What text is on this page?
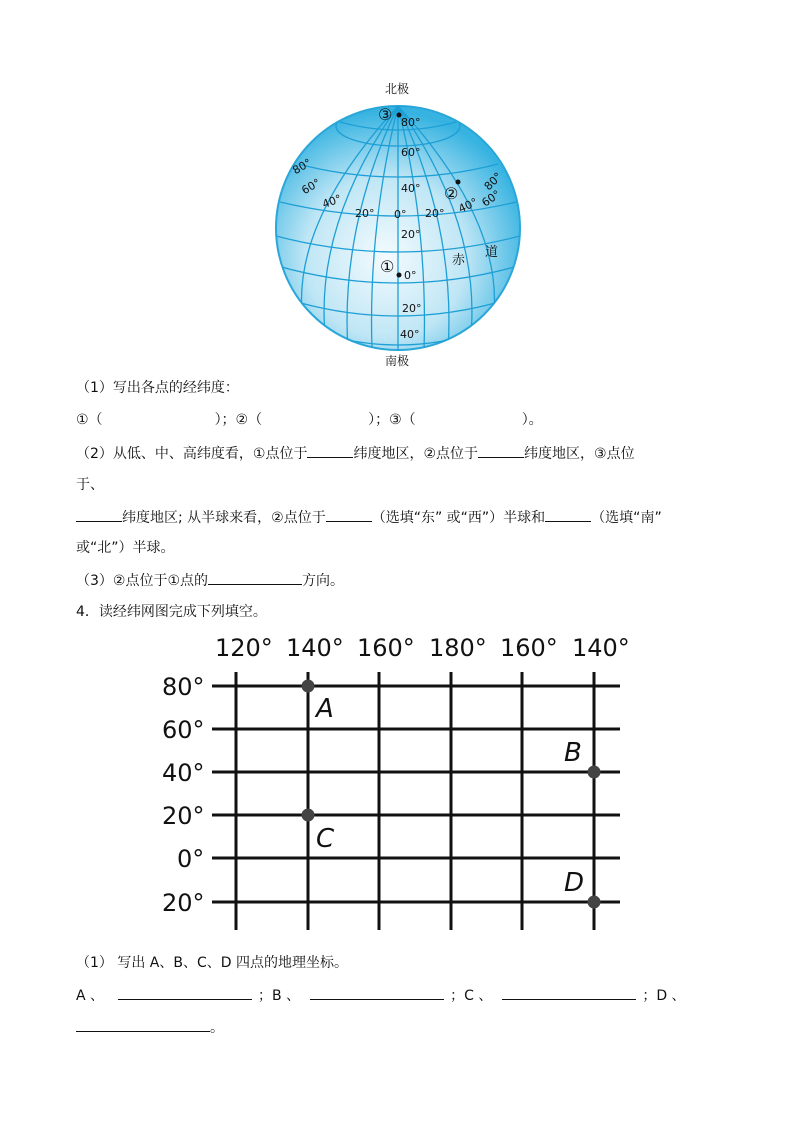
北极
南极
③
②
①	赤
道
80°
60°
40°
20°
0°
20°
40°
80°
60°
40°
20° 0° 20° 40° 60°
80°
（1）写出各点的经纬度：
①（	）；②（	）；③（	）。
（2）从低、中、高纬度看，①点位于	纬度地区，②点位于	纬度地区，③点位
于、
纬度地区; 从半球来看，②点位于	（选填“东” 或“西”）半球和	（选填“南”
或“北”）半球。
（3）②点位于①点的	方向。
4．读经纬网图完成下列填空。
120° 140° 160° 180° 160° 140°
80°
60°
40°
20°
0°
20°
A
B
C
D
（1） 写出 A、B、C、D 四点的地理坐标。
A 、	；B 、	；C 、	；D 、
。
